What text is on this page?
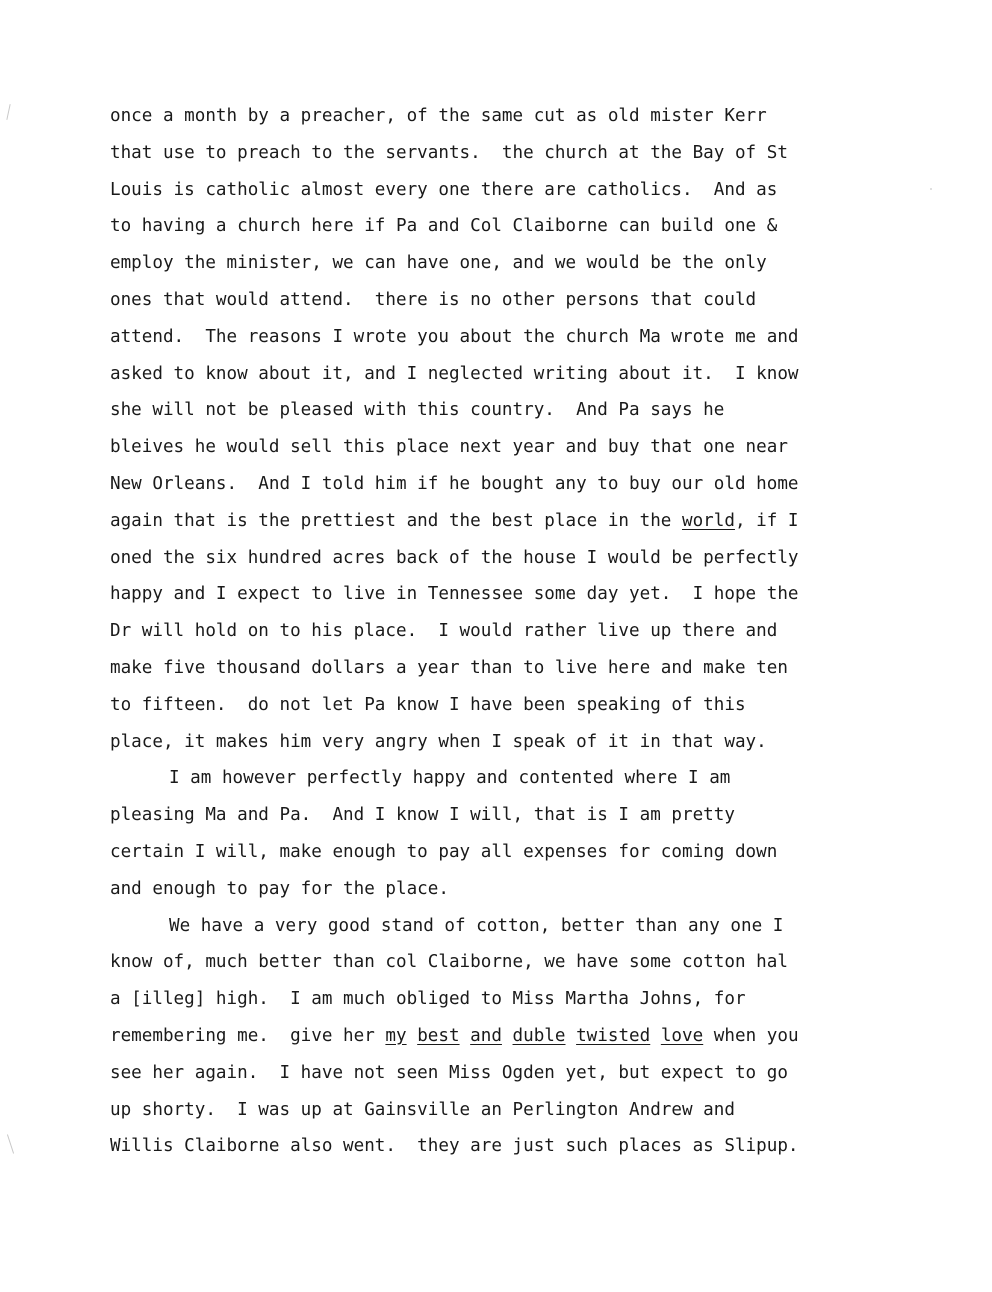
once a month by a preacher, of the same cut as old mister Kerr

that use to preach to the servants.  the church at the Bay of St

Louis is catholic almost every one there are catholics.  And as

to having a church here if Pa and Col Claiborne can build one &

employ the minister, we can have one, and we would be the only

ones that would attend.  there is no other persons that could

attend.  The reasons I wrote you about the church Ma wrote me and

asked to know about it, and I neglected writing about it.  I know

she will not be pleased with this country.  And Pa says he

bleives he would sell this place next year and buy that one near

New Orleans.  And I told him if he bought any to buy our old home

again that is the prettiest and the best place in the world, if I

oned the six hundred acres back of the house I would be perfectly

happy and I expect to live in Tennessee some day yet.  I hope the

Dr will hold on to his place.  I would rather live up there and

make five thousand dollars a year than to live here and make ten

to fifteen.  do not let Pa know I have been speaking of this

place, it makes him very angry when I speak of it in that way.

I am however perfectly happy and contented where I am

pleasing Ma and Pa.  And I know I will, that is I am pretty

certain I will, make enough to pay all expenses for coming down

and enough to pay for the place.

We have a very good stand of cotton, better than any one I

know of, much better than col Claiborne, we have some cotton hal

a [illeg] high.  I am much obliged to Miss Martha Johns, for

remembering me.  give her my best and duble twisted love when you

see her again.  I have not seen Miss Ogden yet, but expect to go

up shorty.  I was up at Gainsville an Perlington Andrew and

Willis Claiborne also went.  they are just such places as Slipup.
